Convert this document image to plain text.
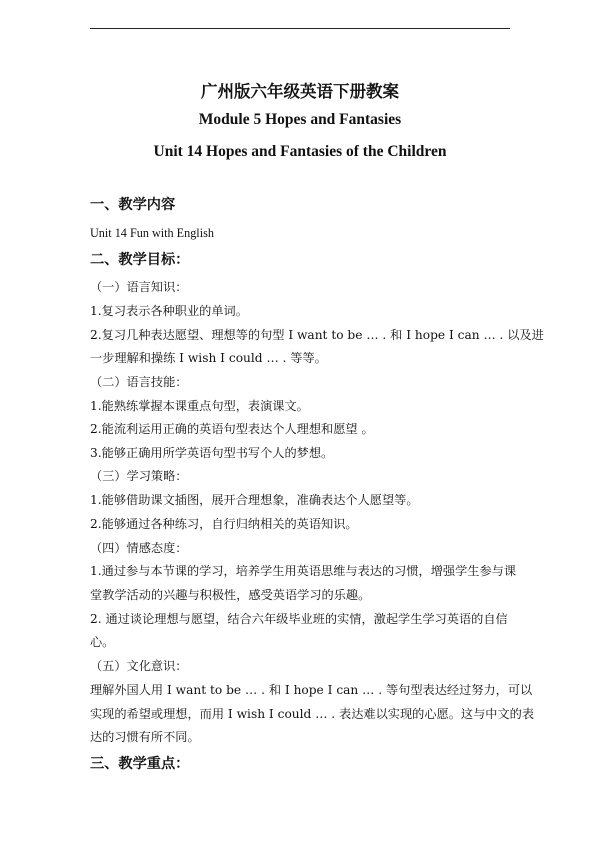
广州版六年级英语下册教案
Module 5 Hopes and Fantasies
Unit 14 Hopes and Fantasies of the Children
一、教学内容
Unit 14 Fun with English
二、教学目标：
（一）语言知识：
1.复习表示各种职业的单词。
2.复习几种表达愿望、理想等的句型 I want to be … . 和 I hope I can … . 以及进
一步理解和操练 I wish I could … . 等等。
（二）语言技能：
1.能熟练掌握本课重点句型，表演课文。
2.能流利运用正确的英语句型表达个人理想和愿望 。
3.能够正确用所学英语句型书写个人的梦想。
（三）学习策略：
1.能够借助课文插图，展开合理想象，准确表达个人愿望等。
2.能够通过各种练习，自行归纳相关的英语知识。
（四）情感态度：
1.通过参与本节课的学习，培养学生用英语思维与表达的习惯，增强学生参与课
堂教学活动的兴趣与积极性，感受英语学习的乐趣。
2. 通过谈论理想与愿望，结合六年级毕业班的实情，激起学生学习英语的自信
心。
（五）文化意识：
理解外国人用 I want to be … . 和 I hope I can … . 等句型表达经过努力，可以
实现的希望或理想，而用 I wish I could … . 表达难以实现的心愿。这与中文的表
达的习惯有所不同。
三、教学重点：
